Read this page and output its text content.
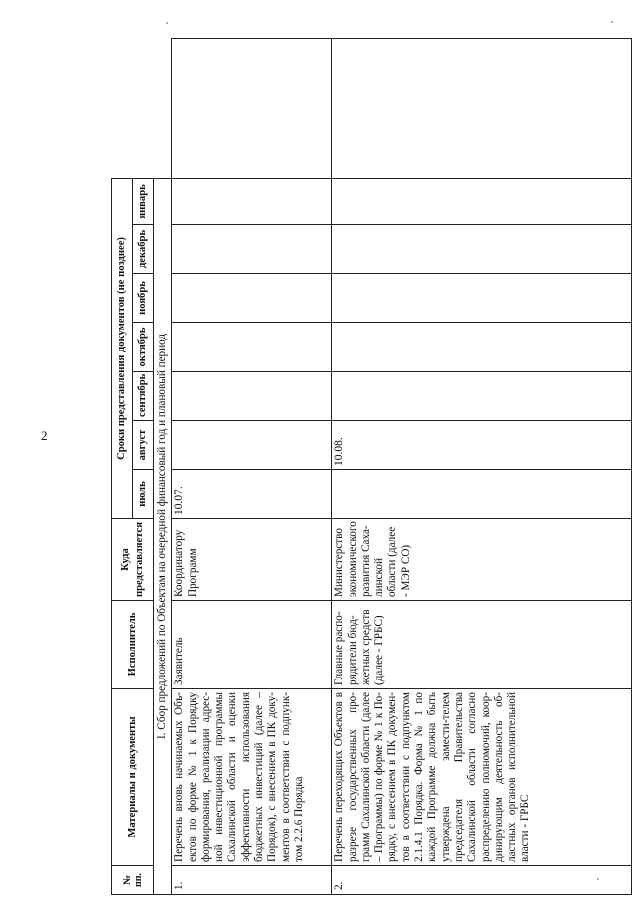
2
№ пп.	Материалы и документы	Исполнитель	Куда представляется	Сроки представления документов (не позднее)							
				июль	август	сентябрь	октябрь	ноябрь	декабрь	январь	
I. Сбор предложений по Объектам на очередной финансовый год и плановый период											
1.	Перечень вновь начинаемых Объ-ектов по форме № 1 к Порядку формирования, реализации адрес-ной инвестиционной программы Сахалинской области и оценки эффективности использования бюджетных инвестиций (далее – Порядок), с внесением в ПК доку-ментов в соответствии с подпунк-том 2.2.6 Порядка	Заявитель	Координатору Программ	10.07.							
2.	Перечень переходящих Объектов в разрезе государственных про-грамм Сахалинской области (далее – Программы) по форме № 1 к По-рядку, с внесением в ПК докумен-тов в соответствии с подпунктом 2.1.4.1 Порядка. Форма № 1 по каждой Программе должна быть утверждена замести-телем председателя Правительства Сахалинской области согласно распределению полномочий, коор-динирующим деятельность об-ластных органов исполнительной власти - ГРБС	Главные распо-рядители бюд-жетных средств (далее - ГРБС)	Министерство экономического развития Саха-линской области (далее - МЭР СО)		10.08.						
